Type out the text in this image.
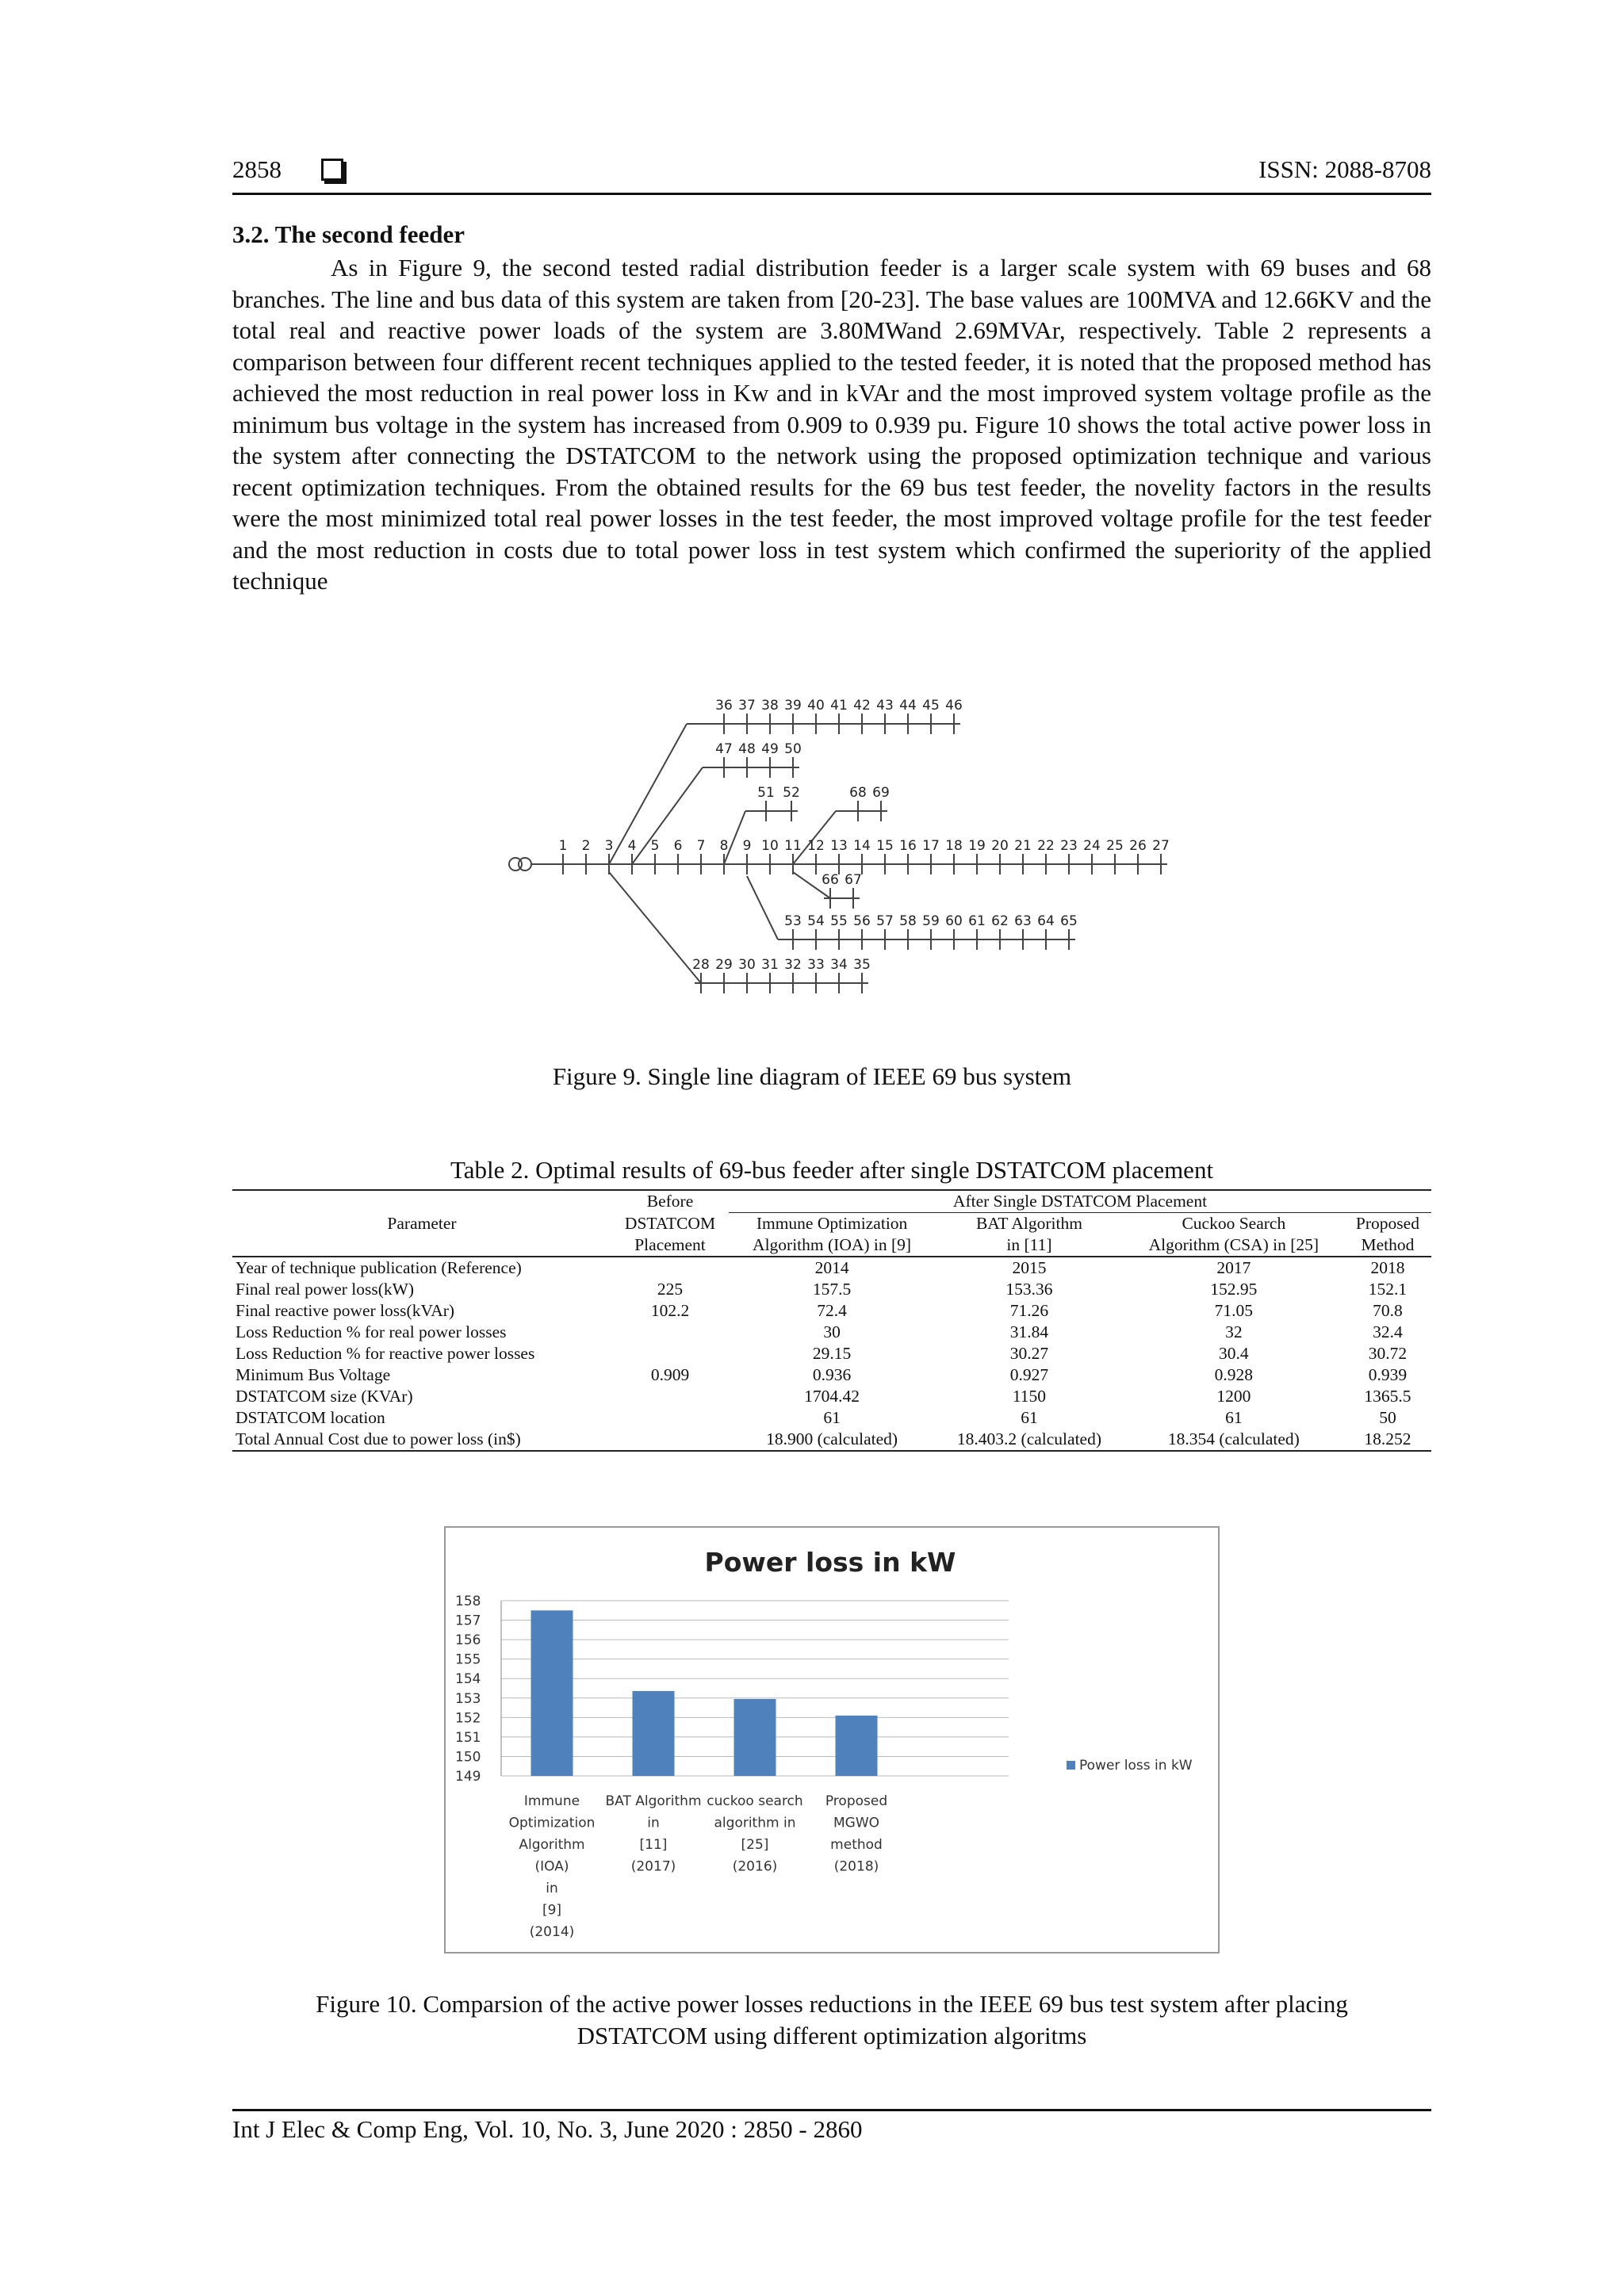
2858	ISSN: 2088-8708
3.2. The second feeder

As in Figure 9, the second tested radial distribution feeder is a larger scale system with 69 buses and 68 branches. The line and bus data of this system are taken from [20-23]. The base values are 100MVA and 12.66KV and the total real and reactive power loads of the system are 3.80MWand 2.69MVAr, respectively. Table 2 represents a comparison between four different recent techniques applied to the tested feeder, it is noted that the proposed method has achieved the most reduction in real power loss in Kw and in kVAr and the most improved system voltage profile as the minimum bus voltage in the system has increased from 0.909 to 0.939 pu. Figure 10 shows the total active power loss in the system after connecting the DSTATCOM to the network using the proposed optimization technique and various recent optimization techniques. From the obtained results for the 69 bus test feeder, the novelity factors in the results were the most minimized total real power losses in the test feeder, the most improved voltage profile for the test feeder and the most reduction in costs due to total power loss in test system which confirmed the superiority of the applied technique

1 2 3 4 5 6 7 8 9 10 11 12 13 14 15 16 17 18 19 20 21 22 23 24 25 26 27
36 37 38 39 40 41 42 43 44 45 46
47 48 49 50
51 52	68 69
66 67
53 54 55 56 57 58 59 60 61 62 63 64 65
28 29 30 31 32 33 34 35
Figure 9. Single line diagram of IEEE 69 bus system
Table 2. Optimal results of 69-bus feeder after single DSTATCOM placement
Parameter	Before	After Single DSTATCOM Placement			
	DSTATCOM	Immune Optimization	BAT Algorithm	Cuckoo Search	Proposed
	Placement	Algorithm (IOA) in [9]	in [11]	Algorithm (CSA) in [25]	Method
Year of technique publication (Reference)		2014	2015	2017	2018
Final real power loss(kW)	225	157.5	153.36	152.95	152.1
Final reactive power loss(kVAr)	102.2	72.4	71.26	71.05	70.8
Loss Reduction % for real power losses		30	31.84	32	32.4
Loss Reduction % for reactive power losses		29.15	30.27	30.4	30.72
Minimum Bus Voltage	0.909	0.936	0.927	0.928	0.939
DSTATCOM size (KVAr)		1704.42	1150	1200	1365.5
DSTATCOM location		61	61	61	50
Total Annual Cost due to power loss (in$)		18.900 (calculated)	18.403.2 (calculated)	18.354 (calculated)	18.252
Power loss in kW
158
157
156
155
154
153
152
151
150
149
Immune
Optimization
Algorithm
(IOA)
in
[9]
(2014)
BAT Algorithm
in
[11]
(2017)
cuckoo search
algorithm in
[25]
(2016)
Proposed
MGWO
method
(2018)
Power loss in kW
Figure 10. Comparsion of the active power losses reductions in the IEEE 69 bus test system after placing
DSTATCOM using different optimization algoritms
Int J Elec & Comp Eng, Vol. 10, No. 3, June 2020 : 2850 - 2860
